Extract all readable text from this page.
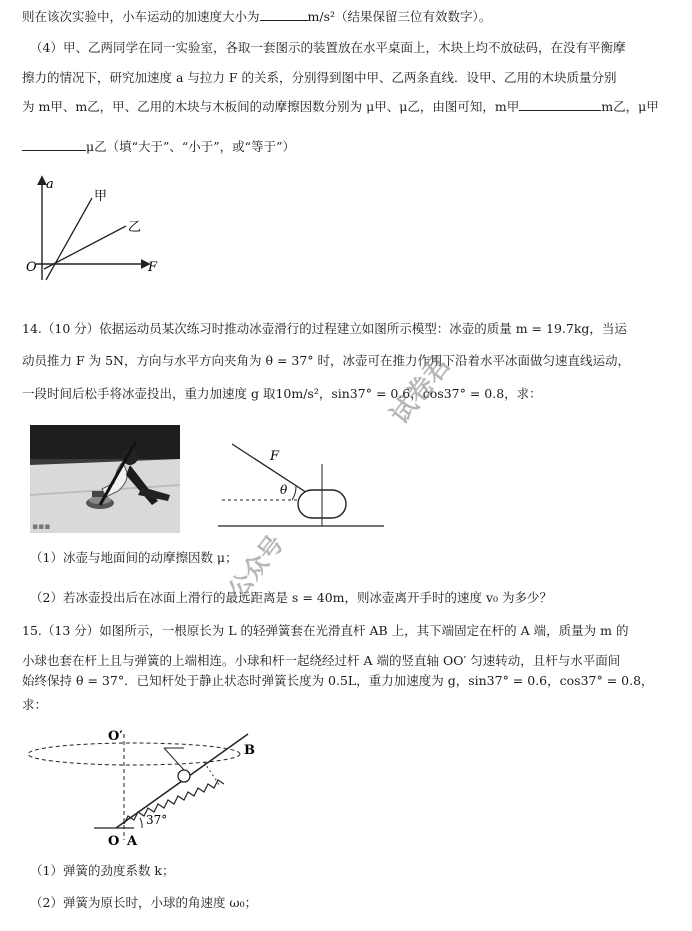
则在该次实验中，小车运动的加速度大小为	m/s²（结果保留三位有效数字）。
（4）甲、乙两同学在同一实验室，各取一套图示的装置放在水平桌面上，木块上均不放砝码，在没有平衡摩
擦力的情况下，研究加速度 a 与拉力 F 的关系，分别得到图中甲、乙两条直线．设甲、乙用的木块质量分别
为 m甲、m乙，甲、乙用的木块与木板间的动摩擦因数分别为 μ甲、μ乙，由图可知，m甲	m乙，μ甲
μ乙（填“大于”、“小于”，或“等于”）
a
F
O
甲
乙
14.（10 分）依据运动员某次练习时推动冰壶滑行的过程建立如图所示模型：冰壶的质量 m = 19.7kg，当运
动员推力 F 为 5N，方向与水平方向夹角为 θ = 37° 时，冰壶可在推力作用下沿着水平冰面做匀速直线运动，
一段时间后松手将冰壶投出，重力加速度 g 取10m/s²，sin37° = 0.6，cos37° = 0.8，求：
▪▪▪
F
θ
（1）冰壶与地面间的动摩擦因数 μ；
（2）若冰壶投出后在冰面上滑行的最远距离是 s = 40m，则冰壶离开手时的速度 v₀ 为多少？
15.（13 分）如图所示，一根原长为 L 的轻弹簧套在光滑直杆 AB 上，其下端固定在杆的 A 端，质量为 m 的
小球也套在杆上且与弹簧的上端相连。小球和杆一起绕经过杆 A 端的竖直轴 OO′ 匀速转动，且杆与水平面间
始终保持 θ = 37°．已知杆处于静止状态时弹簧长度为 0.5L，重力加速度为 g，sin37° = 0.6，cos37° = 0.8，
求：
O′
O A
B
37°
（1）弹簧的劲度系数 k；
（2）弹簧为原长时，小球的角速度 ω₀；
试卷君
公众号
